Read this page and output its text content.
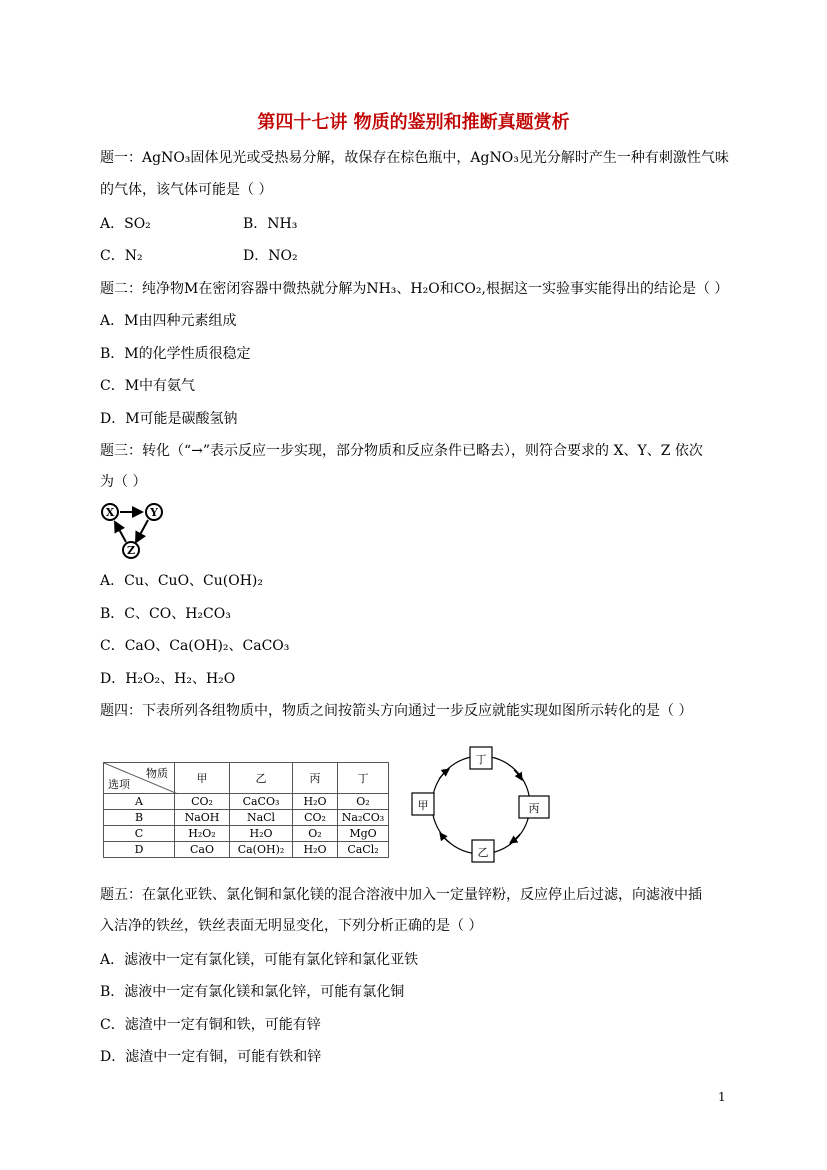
第四十七讲 物质的鉴别和推断真题赏析
题一：AgNO₃固体见光或受热易分解，故保存在棕色瓶中，AgNO₃见光分解时产生一种有刺激性气味
的气体，该气体可能是（ ）
A．SO₂	B．NH₃
C．N₂	D．NO₂
题二：纯净物M在密闭容器中微热就分解为NH₃、H₂O和CO₂,根据这一实验事实能得出的结论是（ ）
A．M由四种元素组成
B．M的化学性质很稳定
C．M中有氨气
D．M可能是碳酸氢钠
题三：转化（“→”表示反应一步实现，部分物质和反应条件已略去），则符合要求的 X、Y、Z 依次
为（ ）
X	Y
Z
A．Cu、CuO、Cu(OH)₂
B．C、CO、H₂CO₃
C．CaO、Ca(OH)₂、CaCO₃
D．H₂O₂、H₂、H₂O
题四：下表所列各组物质中，物质之间按箭头方向通过一步反应就能实现如图所示转化的是（ ）
物质
选项	甲	乙	丙	丁
A	CO₂	CaCO₃	H₂O	O₂
B	NaOH	NaCl	CO₂	Na₂CO₃
C	H₂O₂	H₂O	O₂	MgO
D	CaO	Ca(OH)₂	H₂O	CaCl₂
丁
甲	丙
乙
题五：在氯化亚铁、氯化铜和氯化镁的混合溶液中加入一定量锌粉，反应停止后过滤，向滤液中插
入洁净的铁丝，铁丝表面无明显变化，下列分析正确的是（ ）
A．滤液中一定有氯化镁，可能有氯化锌和氯化亚铁
B．滤液中一定有氯化镁和氯化锌，可能有氯化铜
C．滤渣中一定有铜和铁，可能有锌
D．滤渣中一定有铜，可能有铁和锌
1
